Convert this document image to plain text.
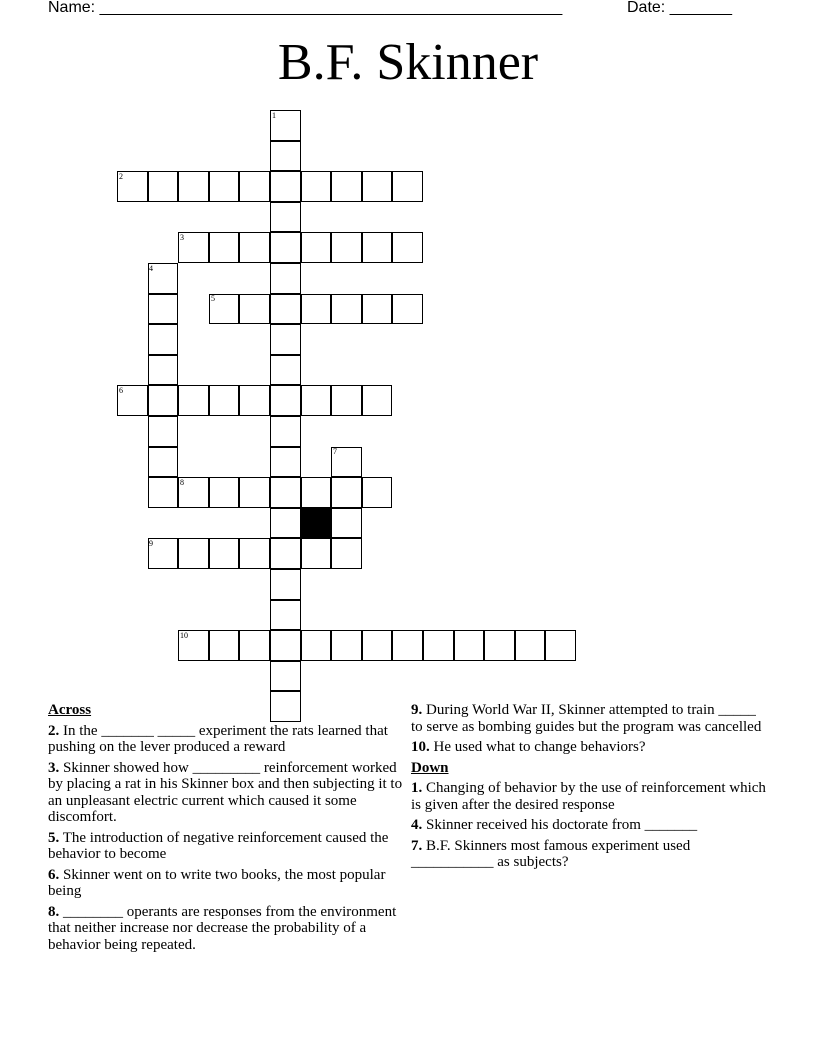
Name: ____________________________________________________	Date: _______
B.F. Skinner
1
2
3
4
5
6
7
8
9
10
Across
2. In the _______ _____ experiment the rats learned that pushing on the lever produced a reward
3. Skinner showed how _________ reinforcement worked by placing a rat in his Skinner box and then subjecting it to an unpleasant electric current which caused it some discomfort.
5. The introduction of negative reinforcement caused the behavior to become
6. Skinner went on to write two books, the most popular being
8. ________ operants are responses from the environment that neither increase nor decrease the probability of a behavior being repeated.
9. During World War II, Skinner attempted to train _____ to serve as bombing guides but the program was cancelled
10. He used what to change behaviors?
Down
1. Changing of behavior by the use of reinforcement which is given after the desired response
4. Skinner received his doctorate from _______
7. B.F. Skinners most famous experiment used ___________ as subjects?
